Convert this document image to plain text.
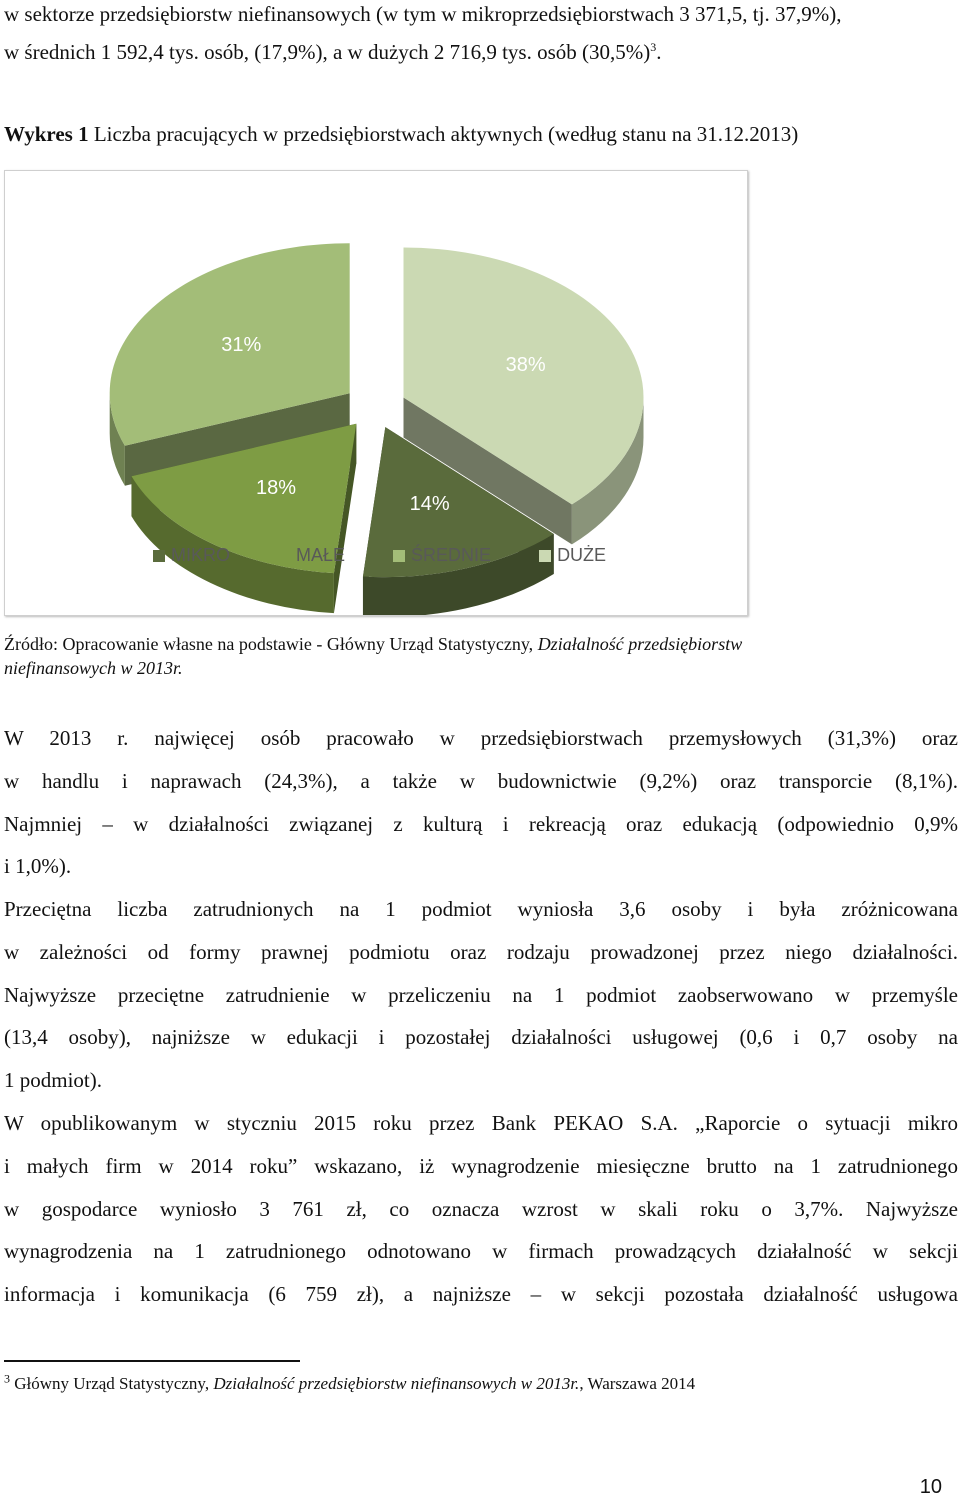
w sektorze przedsiębiorstw niefinansowych (w tym w mikroprzedsiębiorstwach 3 371,5, tj. 37,9%),
w średnich 1 592,4 tys. osób, (17,9%), a w dużych 2 716,9 tys. osób $(30,5\%)^3$.
Wykres 1 Liczba pracujących w przedsiębiorstwach aktywnych (według stanu na 31.12.2013)
38%
14%
18%
31%
MIKRO	MAŁE	ŚREDNIE	DUŻE
Źródło: Opracowanie własne na podstawie - Główny Urząd Statystyczny, Działalność przedsiębiorstw
niefinansowych w 2013r.
W 2013 r. najwięcej osób pracowało w przedsiębiorstwach przemysłowych (31,3%) oraz
w handlu i naprawach (24,3%), a także w budownictwie (9,2%) oraz transporcie (8,1%).
Najmniej – w działalności związanej z kulturą i rekreacją oraz edukacją (odpowiednio 0,9%
i 1,0%).
Przeciętna liczba zatrudnionych na 1 podmiot wyniosła 3,6 osoby i była zróżnicowana
w zależności od formy prawnej podmiotu oraz rodzaju prowadzonej przez niego działalności.
Najwyższe przeciętne zatrudnienie w przeliczeniu na 1 podmiot zaobserwowano w przemyśle
(13,4 osoby), najniższe w edukacji i pozostałej działalności usługowej (0,6 i 0,7 osoby na
1 podmiot).
W opublikowanym w styczniu 2015 roku przez Bank PEKAO S.A. „Raporcie o sytuacji mikro
i małych firm w 2014 roku” wskazano, iż wynagrodzenie miesięczne brutto na 1 zatrudnionego
w gospodarce wyniosło 3 761 zł, co oznacza wzrost w skali roku o 3,7%. Najwyższe
wynagrodzenia na 1 zatrudnionego odnotowano w firmach prowadzących działalność w sekcji
informacja i komunikacja (6 759 zł), a najniższe – w sekcji pozostała działalność usługowa
$^3$ Główny Urząd Statystyczny, Działalność przedsiębiorstw niefinansowych w 2013r., Warszawa 2014
10
